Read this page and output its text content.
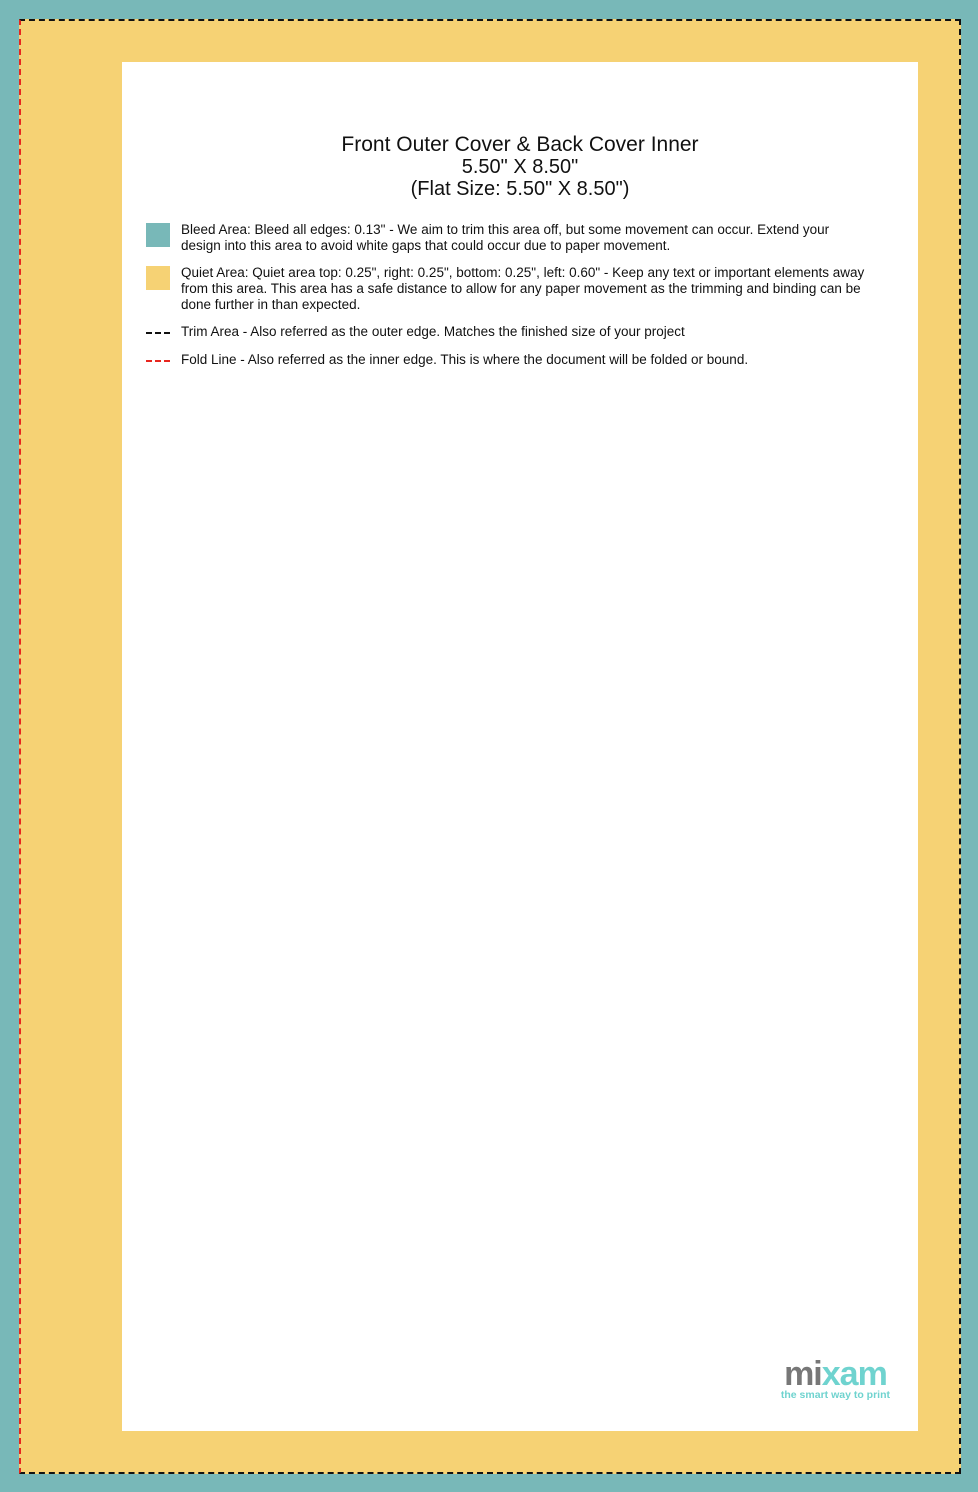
Front Outer Cover & Back Cover Inner
5.50" X 8.50"
(Flat Size: 5.50" X 8.50")
Bleed Area: Bleed all edges: 0.13" - We aim to trim this area off, but some movement can occur. Extend your design into this area to avoid white gaps that could occur due to paper movement.
Quiet Area: Quiet area top: 0.25", right: 0.25", bottom: 0.25", left: 0.60" - Keep any text or important elements away from this area. This area has a safe distance to allow for any paper movement as the trimming and binding can be done further in than expected.
Trim Area - Also referred as the outer edge. Matches the finished size of your project
Fold Line - Also referred as the inner edge. This is where the document will be folded or bound.
mixam
the smart way to print
